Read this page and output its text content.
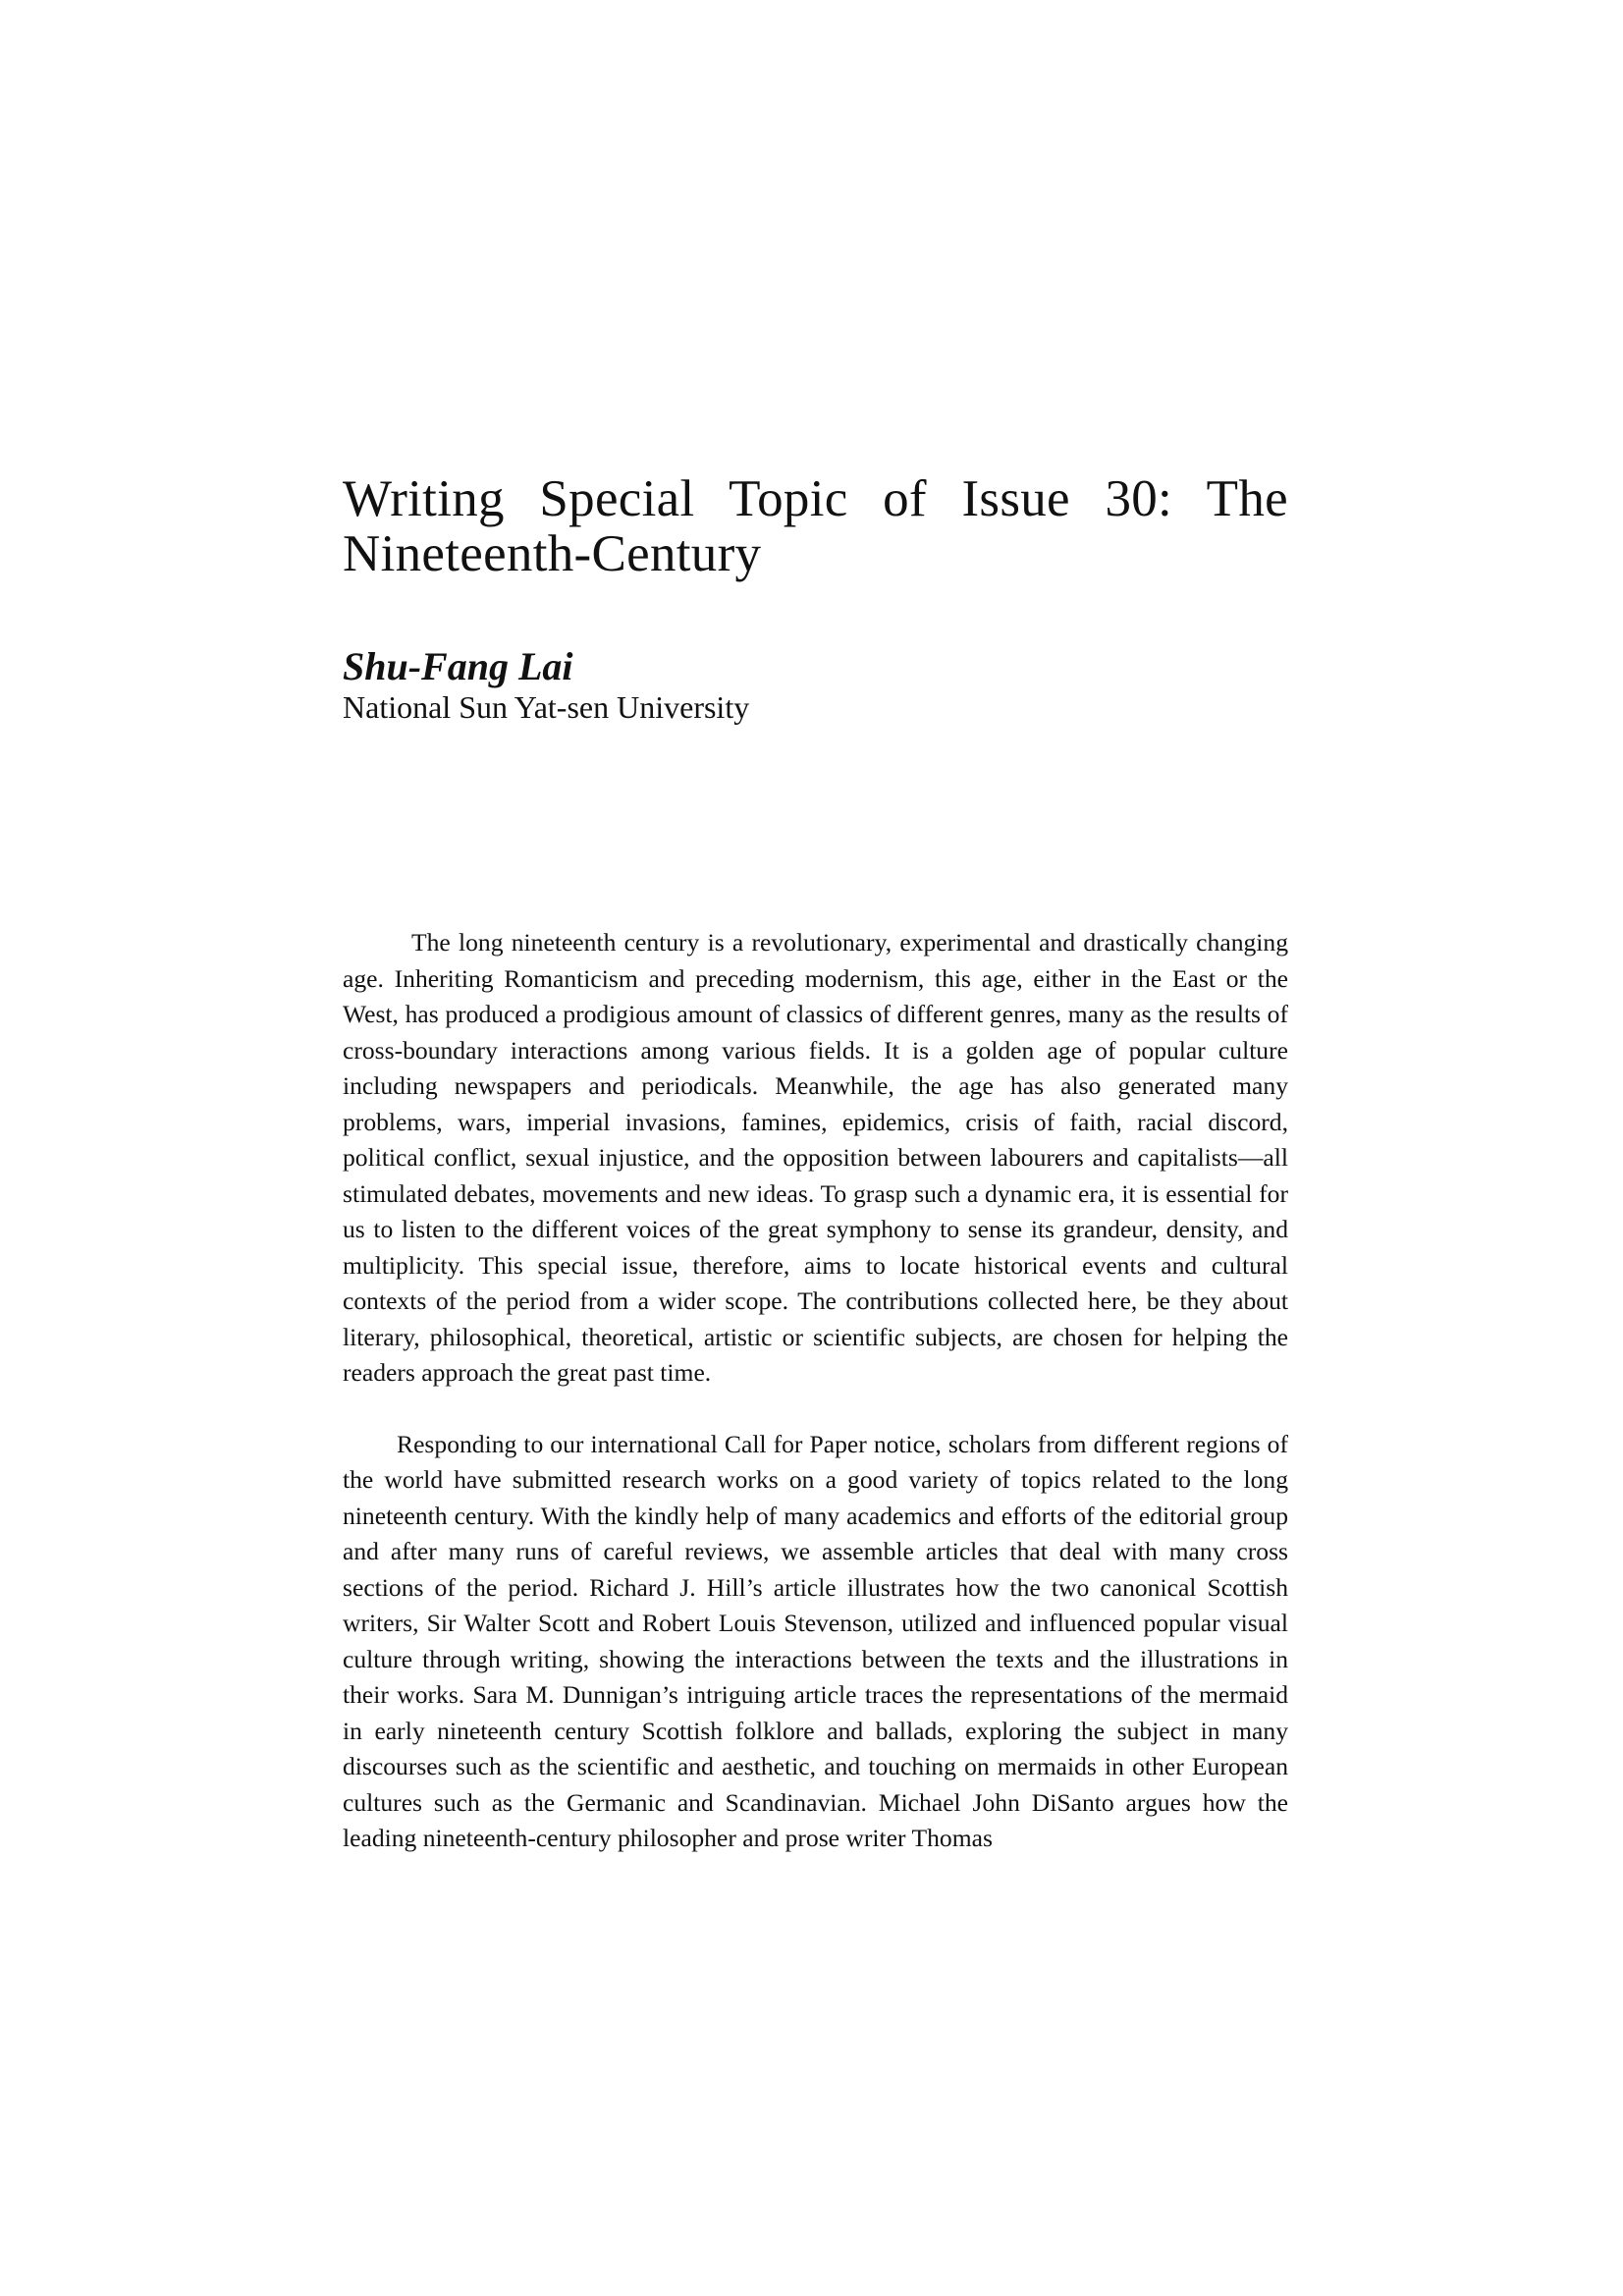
Writing Special Topic of Issue 30: The Nineteenth-Century

Shu-Fang Lai

National Sun Yat-sen University

The long nineteenth century is a revolutionary, experimental and drastically changing age. Inheriting Romanticism and preceding modernism, this age, either in the East or the West, has produced a prodigious amount of classics of different genres, many as the results of cross-boundary interactions among various fields. It is a golden age of popular culture including newspapers and periodicals. Meanwhile, the age has also generated many problems, wars, imperial invasions, famines, epidemics, crisis of faith, racial discord, political conflict, sexual injustice, and the opposition between labourers and capitalists—all stimulated debates, movements and new ideas. To grasp such a dynamic era, it is essential for us to listen to the different voices of the great symphony to sense its grandeur, density, and multiplicity. This special issue, therefore, aims to locate historical events and cultural contexts of the period from a wider scope. The contributions collected here, be they about literary, philosophical, theoretical, artistic or scientific subjects, are chosen for helping the readers approach the great past time.

Responding to our international Call for Paper notice, scholars from different regions of the world have submitted research works on a good variety of topics related to the long nineteenth century. With the kindly help of many academics and efforts of the editorial group and after many runs of careful reviews, we assemble articles that deal with many cross sections of the period. Richard J. Hill’s article illustrates how the two canonical Scottish writers, Sir Walter Scott and Robert Louis Stevenson, utilized and influenced popular visual culture through writing, showing the interactions between the texts and the illustrations in their works. Sara M. Dunnigan’s intriguing article traces the representations of the mermaid in early nineteenth century Scottish folklore and ballads, exploring the subject in many discourses such as the scientific and aesthetic, and touching on mermaids in other European cultures such as the Germanic and Scandinavian. Michael John DiSanto argues how the leading nineteenth-century philosopher and prose writer Thomas
